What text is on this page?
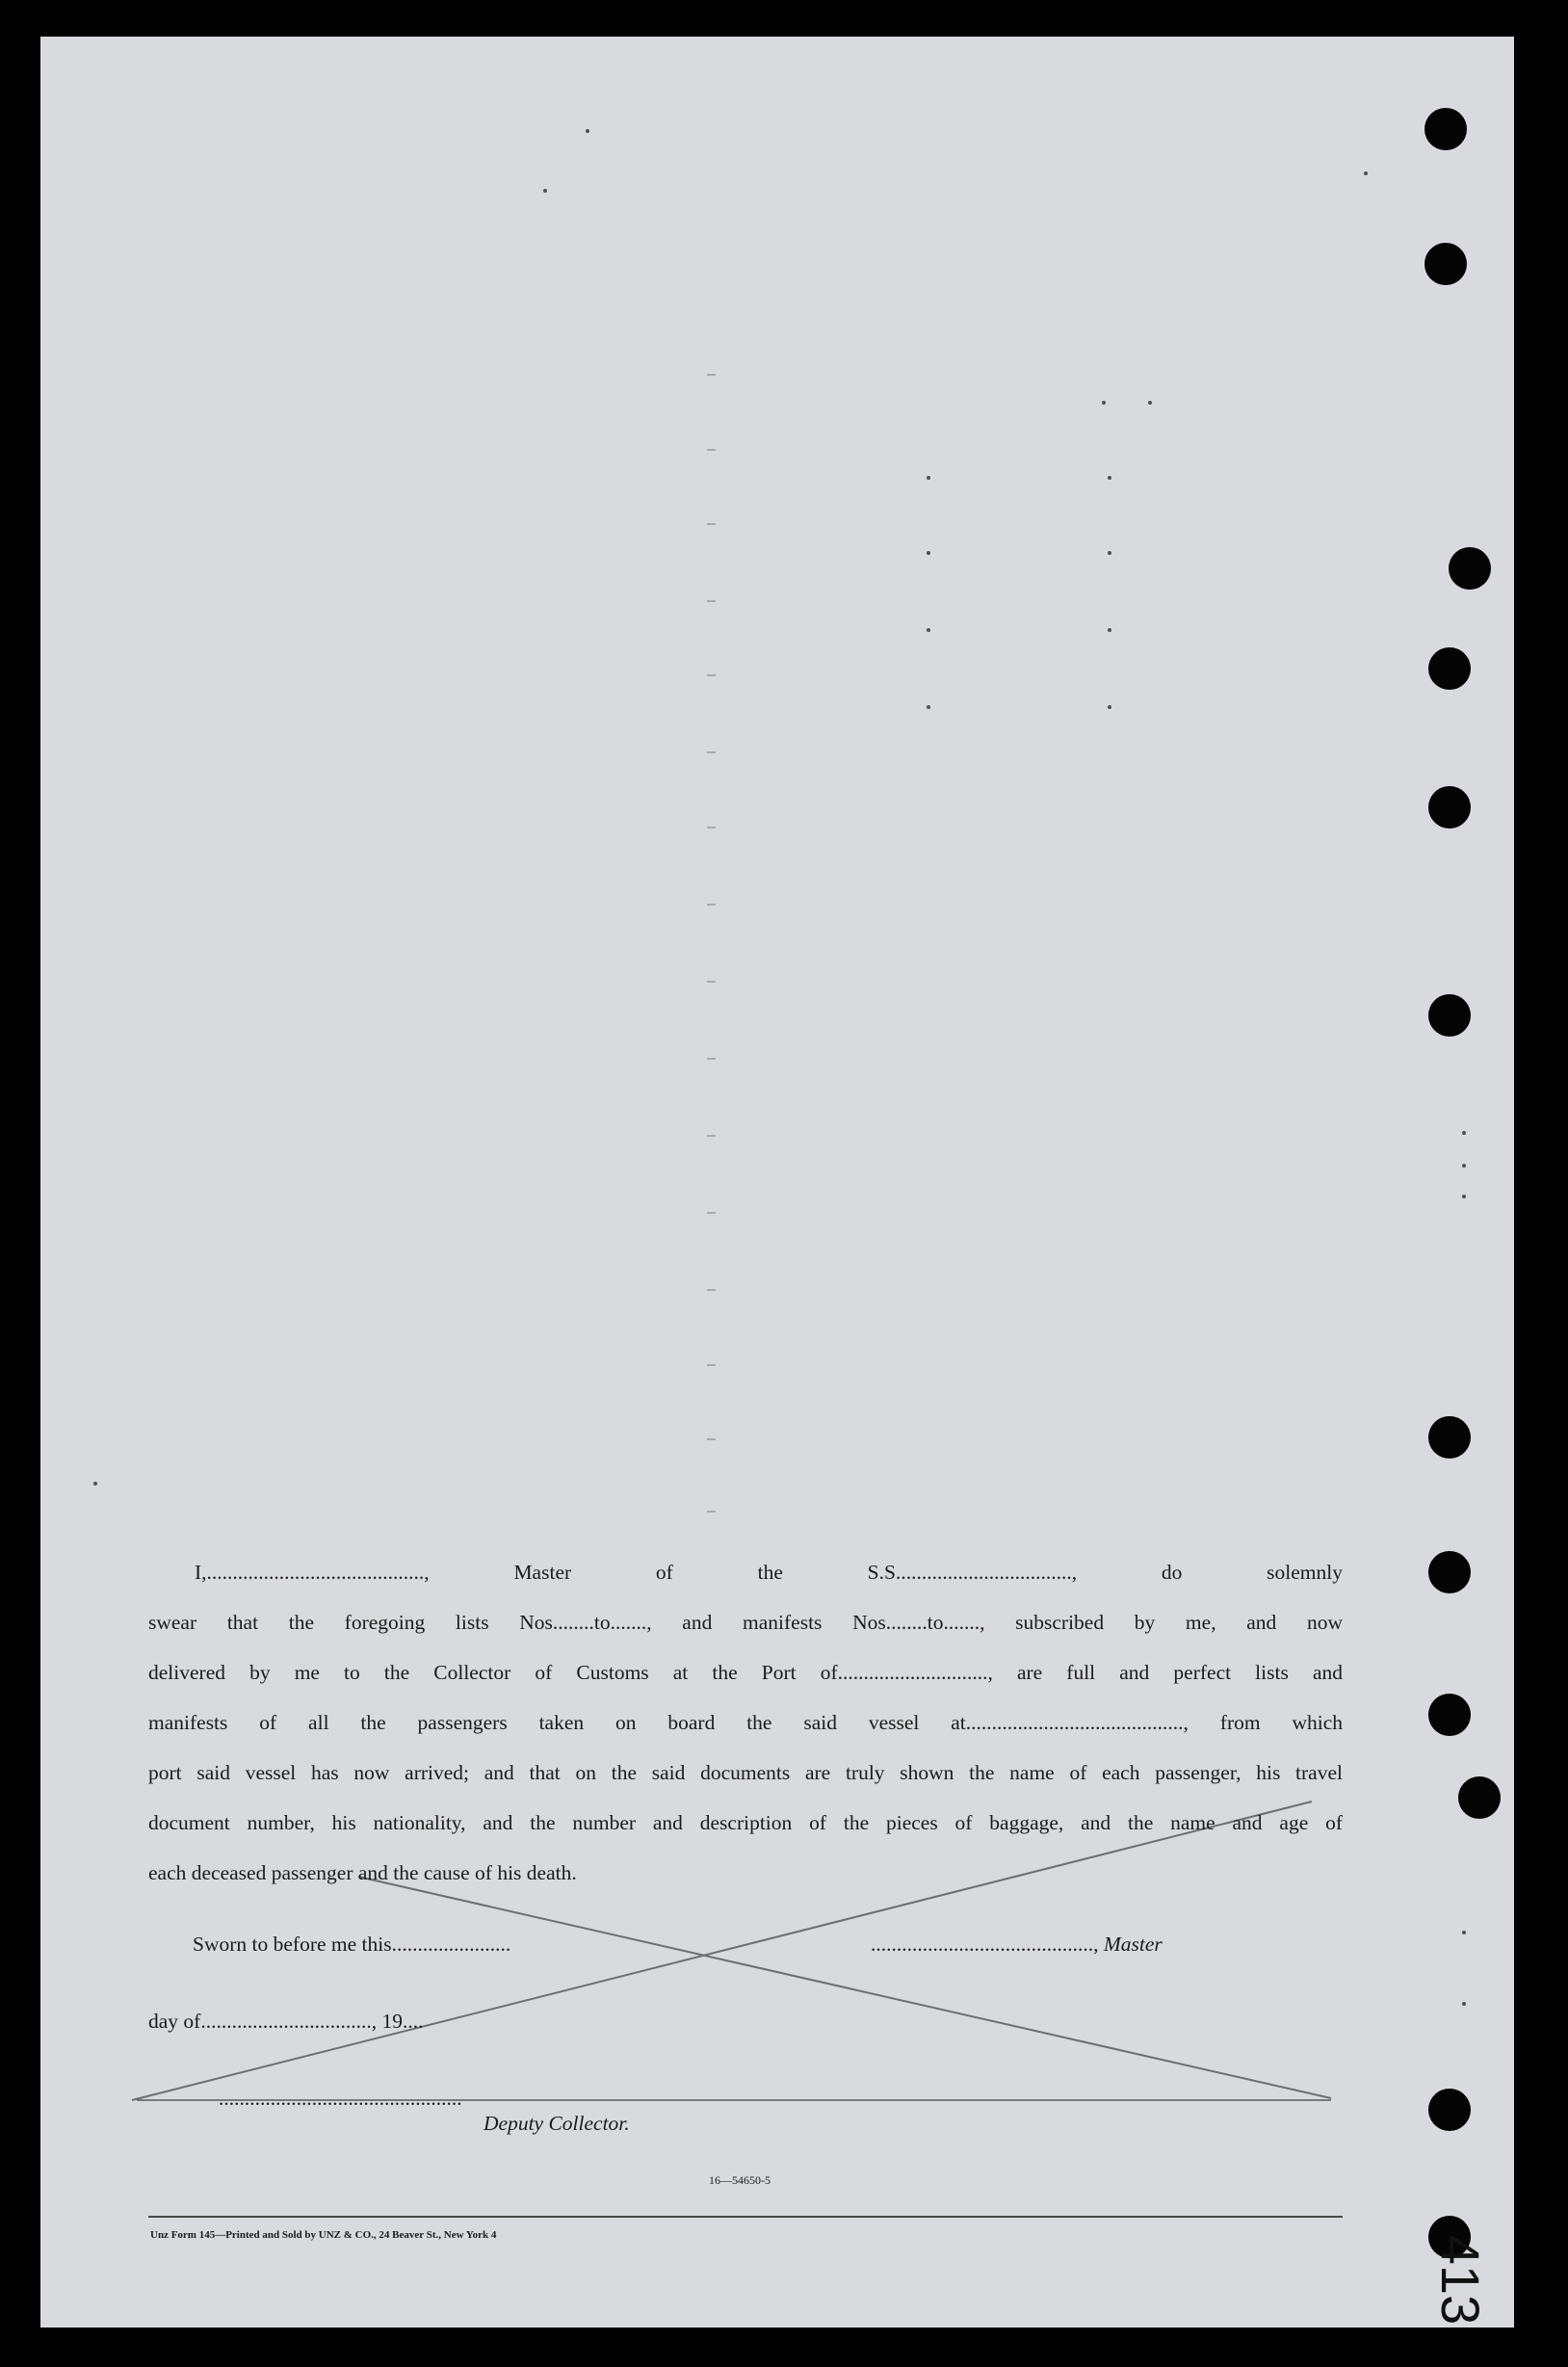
I,.........................................., Master of the S.S.................................., do solemnly
swear that the foregoing lists Nos........to......., and manifests Nos........to......., subscribed by me, and now
delivered by me to the Collector of Customs at the Port of............................., are full and perfect lists and
manifests of all the passengers taken on board the said vessel at.........................................., from which
port said vessel has now arrived; and that on the said documents are truly shown the name of each passenger, his travel
document number, his nationality, and the number and description of the pieces of baggage, and the name and age of
each deceased passenger and the cause of his death.
Sworn to before me this.......................	..........................................., Master
day of................................., 19....
...............................................
Deputy Collector.
16—54650-5
Unz Form 145—Printed and Sold by UNZ & CO., 24 Beaver St., New York 4	413
